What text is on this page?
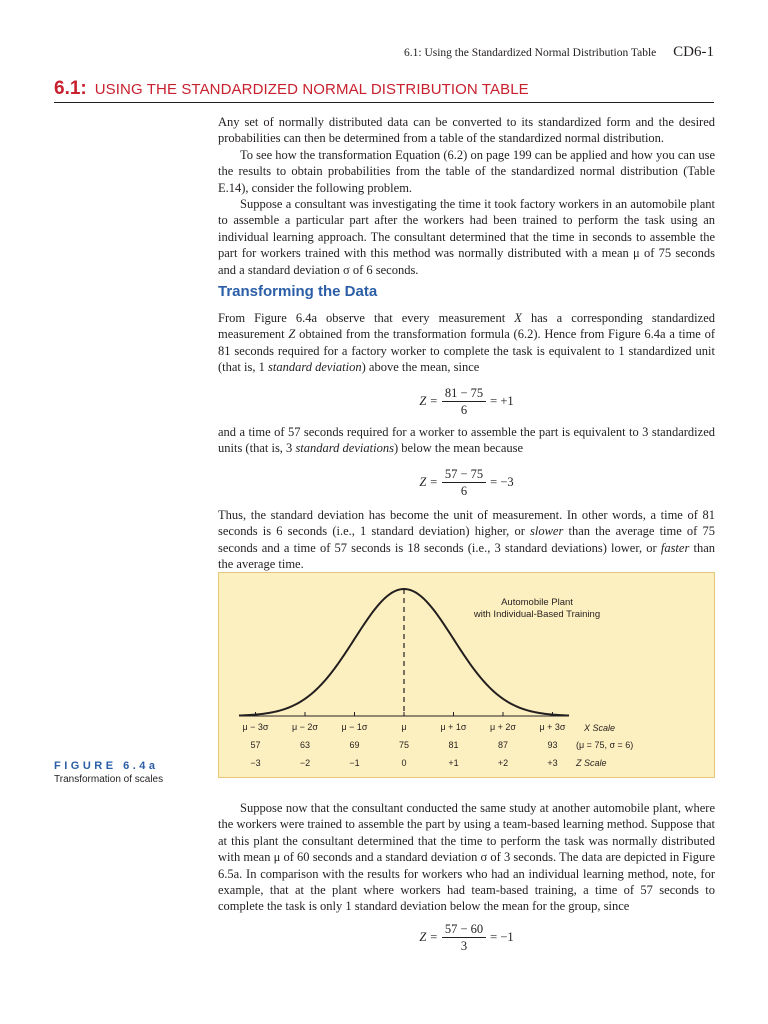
6.1: Using the Standardized Normal Distribution Table CD6-1
6.1: USING THE STANDARDIZED NORMAL DISTRIBUTION TABLE

Any set of normally distributed data can be converted to its standardized form and the desired probabilities can then be determined from a table of the standardized normal distribution.

To see how the transformation Equation (6.2) on page 199 can be applied and how you can use the results to obtain probabilities from the table of the standardized normal distribution (Table E.14), consider the following problem.

Suppose a consultant was investigating the time it took factory workers in an automobile plant to assemble a particular part after the workers had been trained to perform the task using an individual learning approach. The consultant determined that the time in seconds to assemble the part for workers trained with this method was normally distributed with a mean μ of 75 seconds and a standard deviation σ of 6 seconds.

Transforming the Data

From Figure 6.4a observe that every measurement X has a corresponding standardized measurement Z obtained from the transformation formula (6.2). Hence from Figure 6.4a a time of 81 seconds required for a factory worker to complete the task is equivalent to 1 standardized unit (that is, 1 standard deviation) above the mean, since

$Z = \frac{81 - 75}{6} = +1$

and a time of 57 seconds required for a worker to assemble the part is equivalent to 3 standardized units (that is, 3 standard deviations) below the mean because

$Z = \frac{57 - 75}{6} = -3$

Thus, the standard deviation has become the unit of measurement. In other words, a time of 81 seconds is 6 seconds (i.e., 1 standard deviation) higher, or slower than the average time of 75 seconds and a time of 57 seconds is 18 seconds (i.e., 3 standard deviations) lower, or faster than the average time.

μ − 3σ
57
−3
μ − 2σ
63
−2
μ − 1σ
69
−1
μ
75
0
μ + 1σ
81
+1
μ + 2σ
87
+2
μ + 3σ
93
+3
Automobile Plant
with Individual-Based Training
X Scale
(μ = 75, σ = 6)
Z Scale
FIGURE 6.4a
Transformation of scales

Suppose now that the consultant conducted the same study at another automobile plant, where the workers were trained to assemble the part by using a team-based learning method. Suppose that at this plant the consultant determined that the time to perform the task was normally distributed with mean μ of 60 seconds and a standard deviation σ of 3 seconds. The data are depicted in Figure 6.5a. In comparison with the results for workers who had an individual learning method, note, for example, that at the plant where workers had team-based training, a time of 57 seconds to complete the task is only 1 standard deviation below the mean for the group, since

$Z = \frac{57 - 60}{3} = -1$
